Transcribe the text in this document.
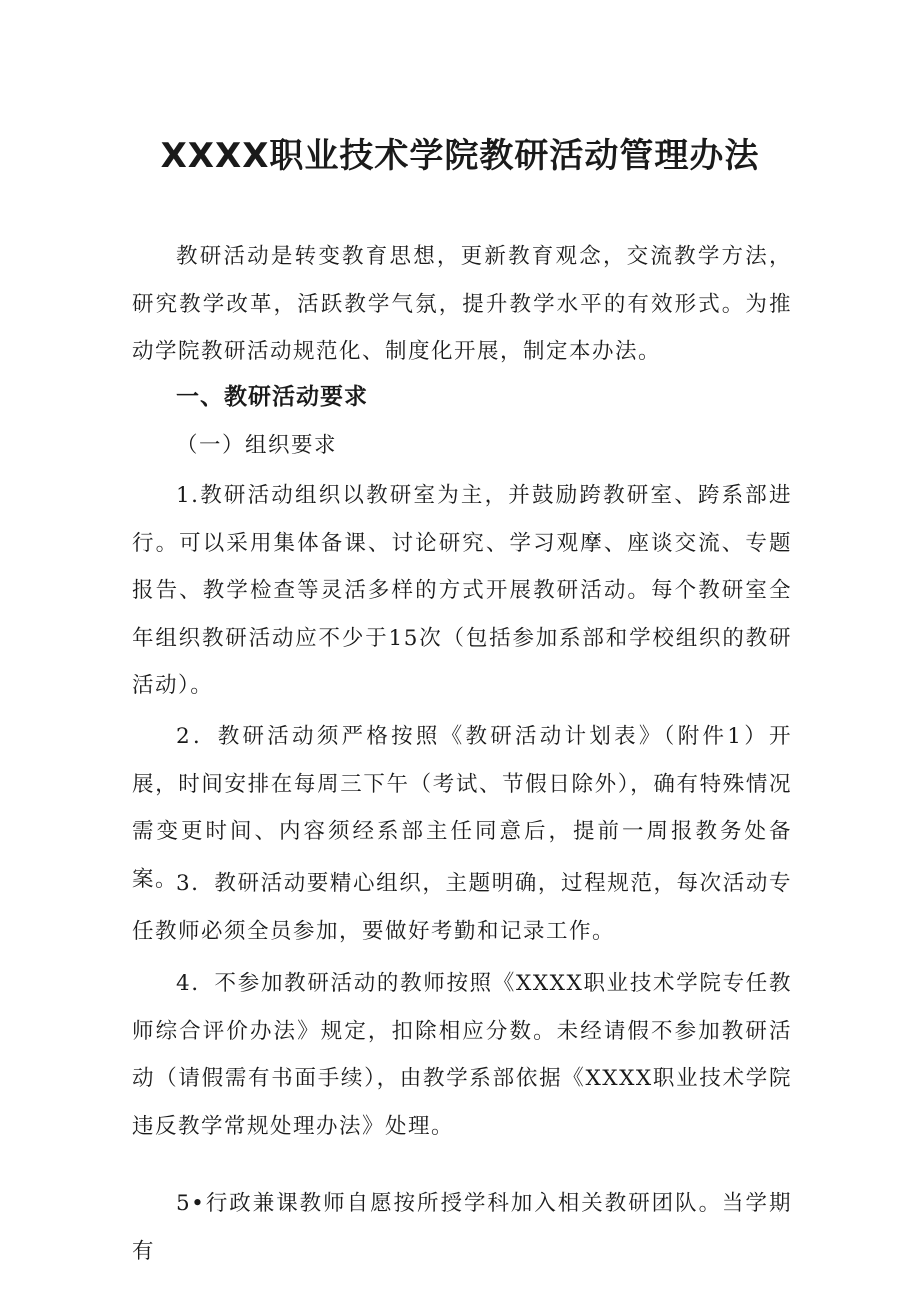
XXXX职业技术学院教研活动管理办法
教研活动是转变教育思想，更新教育观念，交流教学方法，研究教学改革，活跃教学气氛，提升教学水平的有效形式。为推动学院教研活动规范化、制度化开展，制定本办法。
一、教研活动要求
（一）组织要求
1.教研活动组织以教研室为主，并鼓励跨教研室、跨系部进行。可以采用集体备课、讨论研究、学习观摩、座谈交流、专题报告、教学检查等灵活多样的方式开展教研活动。每个教研室全年组织教研活动应不少于15次（包括参加系部和学校组织的教研活动）。
2．教研活动须严格按照《教研活动计划表》（附件1）开展，时间安排在每周三下午（考试、节假日除外），确有特殊情况需变更时间、内容须经系部主任同意后，提前一周报教务处备案。
3．教研活动要精心组织，主题明确，过程规范，每次活动专任教师必须全员参加，要做好考勤和记录工作。
4．不参加教研活动的教师按照《XXXX职业技术学院专任教师综合评价办法》规定，扣除相应分数。未经请假不参加教研活动（请假需有书面手续），由教学系部依据《XXXX职业技术学院违反教学常规处理办法》处理。
5•行政兼课教师自愿按所授学科加入相关教研团队。当学期有
